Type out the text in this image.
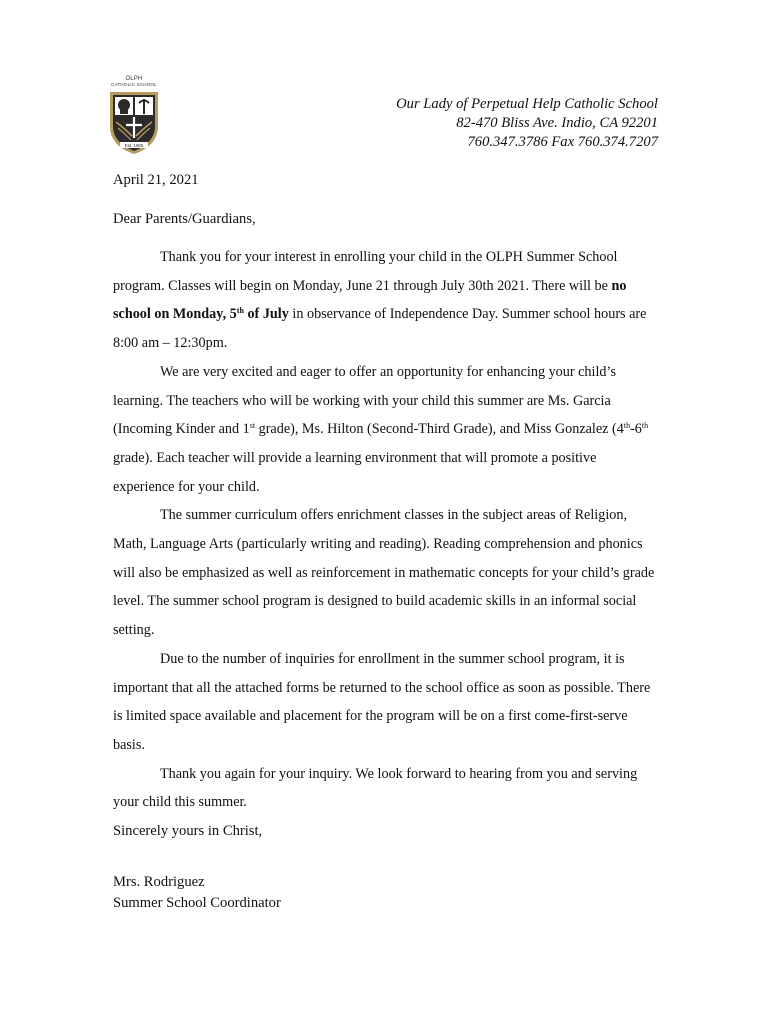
OLPH
CATHOLIC SCHOOL
Est. 1965
Our Lady of Perpetual Help Catholic School
82-470 Bliss Ave. Indio, CA 92201
760.347.3786 Fax 760.374.7207
April 21, 2021
Dear Parents/Guardians,

Thank you for your interest in enrolling your child in the OLPH Summer School program. Classes will begin on Monday, June 21 through July 30th 2021. There will be no school on Monday, 5th of July in observance of Independence Day. Summer school hours are 8:00 am – 12:30pm.

We are very excited and eager to offer an opportunity for enhancing your child’s learning. The teachers who will be working with your child this summer are Ms. Garcia (Incoming Kinder and 1st grade), Ms. Hilton (Second-Third Grade), and Miss Gonzalez (4th-6th grade). Each teacher will provide a learning environment that will promote a positive experience for your child.

The summer curriculum offers enrichment classes in the subject areas of Religion, Math, Language Arts (particularly writing and reading). Reading comprehension and phonics will also be emphasized as well as reinforcement in mathematic concepts for your child’s grade level. The summer school program is designed to build academic skills in an informal social setting.

Due to the number of inquiries for enrollment in the summer school program, it is important that all the attached forms be returned to the school office as soon as possible. There is limited space available and placement for the program will be on a first come-first-serve basis.

Thank you again for your inquiry. We look forward to hearing from you and serving your child this summer.

Sincerely yours in Christ,
Mrs. Rodriguez
Summer School Coordinator
